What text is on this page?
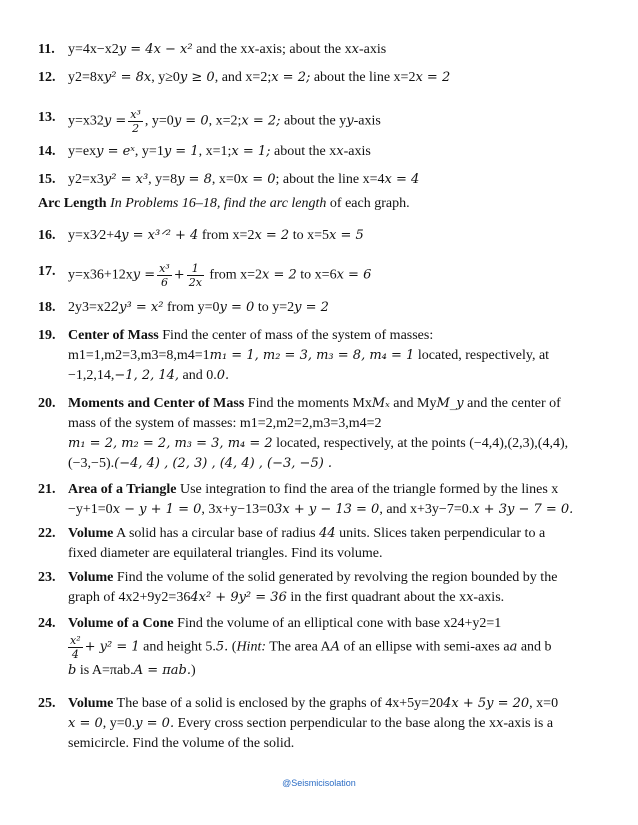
11. y=4x−x2y = 4x − x² and the xx-axis; about the xx-axis
12. y2=8xy² = 8x, y≥0y ≥ 0, and x=2;x = 2; about the line x=2x = 2
13. $y=x32y = \frac{\text{x³}}{2}$ , y=0y = 0, x=2;x = 2; about the yy-axis
14. y=exy = eˣ, y=1y = 1, x=1;x = 1; about the xx-axis
15. y2=x3y² = x³, y=8y = 8, x=0x = 0; about the line x=4x = 4
Arc Length In Problems 16–18, find the arc length of each graph.
16. y=x3⁄2+4y = x³ᐟ² + 4 from x=2x = 2 to x=5x = 5
17. $y=x36+12xy = \frac{\text{x³}}{6} + \frac{1}{2x}$ from x=2x = 2 to x=6x = 6
18. 2y3=x22y³ = x² from y=0y = 0 to y=2y = 2
19. Center of Mass Find the center of mass of the system of masses:
m1=1,m2=3,m3=8,m4=1m₁ = 1, m₂ = 3, m₃ = 8, m₄ = 1 located, respectively, at
−1,2,14,−1, 2, 14, and 0.0.
20. Moments and Center of Mass Find the moments MxMₓ and MyM_y and the center of
mass of the system of masses: m1=2,m2=2,m3=3,m4=2
m₁ = 2, m₂ = 2, m₃ = 3, m₄ = 2 located, respectively, at the points (−4,4),(2,3),(4,4),
(−3,−5).(−4, 4) , (2, 3) , (4, 4) , (−3, −5) .
21. Area of a Triangle Use integration to find the area of the triangle formed by the lines x
−y+1=0x − y + 1 = 0, 3x+y−13=03x + y − 13 = 0, and x+3y−7=0.x + 3y − 7 = 0.
22. Volume A solid has a circular base of radius 44 units. Slices taken perpendicular to a
fixed diameter are equilateral triangles. Find its volume.
23. Volume Find the volume of the solid generated by revolving the region bounded by the
graph of 4x2+9y2=364x² + 9y² = 36 in the first quadrant about the xx-axis.
24. Volume of a Cone Find the volume of an elliptical cone with base x24+y2=1

$\frac{\text{x²}}{4} + y^2 = 1$ and height 5.5. (Hint: The area AA of an ellipse with semi-axes aa and b
b is A=πab.A = πab.)
25. Volume The base of a solid is enclosed by the graphs of 4x+5y=204x + 5y = 20, x=0
x = 0, y=0.y = 0. Every cross section perpendicular to the base along the xx-axis is a
semicircle. Find the volume of the solid.
@Seismicisolation
